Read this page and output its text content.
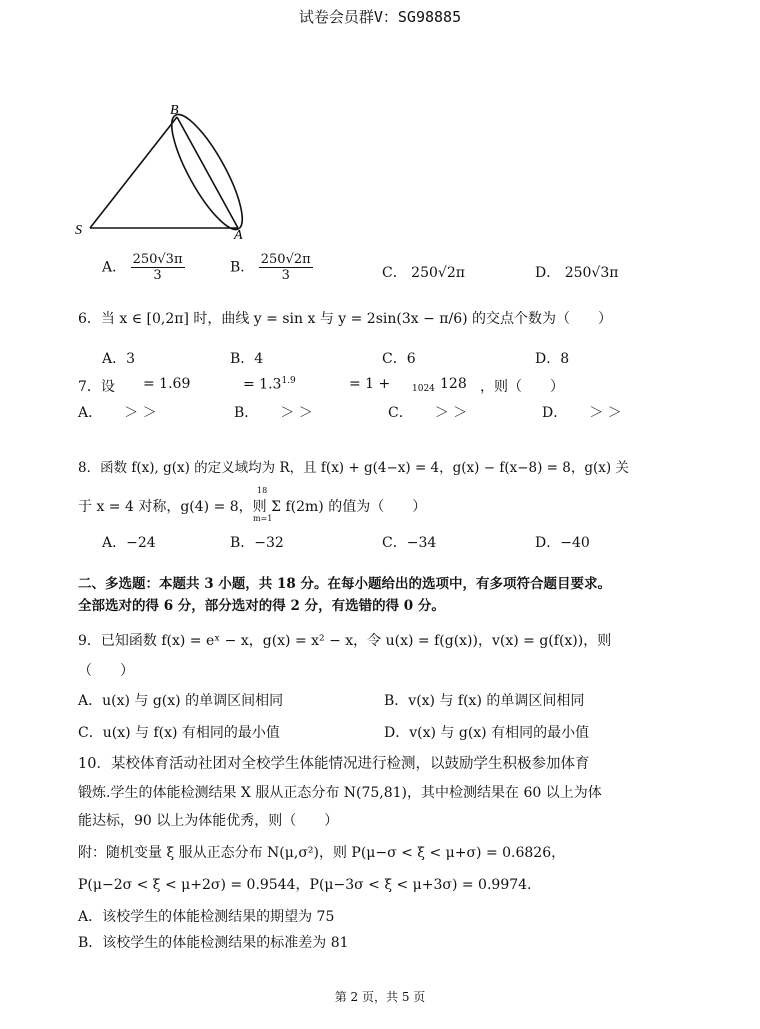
试卷会员群V：SG98885
B
S	A
A． $\frac{250√3\pi}{3}$	B． $\frac{250√2\pi}{3}$	C． 250√2π	D． 250√3π
6．当 x ∈ [0,2π] 时，曲线 y = sin x 与 y = 2sin(3x − π/6) 的交点个数为（　　）
A．3	B．4	C．6	D．8
7．设 = 1.69	= $1.3^{1.9}$	= 1 + 1024 128 ，则（　　）
A． ＞ ＞	B． ＞ ＞	C． ＞ ＞	D． ＞ ＞
8．函数 f(x), g(x) 的定义域均为 R，且 f(x) + g(4−x) = 4，g(x) − f(x−8) = 8，g(x) 关
18
m=1
于 x = 4 对称，g(4) = 8，则 Σ f(2m) 的值为（　　）
A．−24	B．−32	C．−34	D．−40
二、多选题：本题共 3 小题，共 18 分。在每小题给出的选项中，有多项符合题目要求。
全部选对的得 6 分，部分选对的得 2 分，有选错的得 0 分。
9．已知函数 f(x) = eˣ − x，g(x) = x² − x，令 u(x) = f(g(x))，v(x) = g(f(x))，则
（　　）
A．u(x) 与 g(x) 的单调区间相同	B．v(x) 与 f(x) 的单调区间相同
C．u(x) 与 f(x) 有相同的最小值	D．v(x) 与 g(x) 有相同的最小值
10．某校体育活动社团对全校学生体能情况进行检测，以鼓励学生积极参加体育
锻炼.学生的体能检测结果 X 服从正态分布 N(75,81)，其中检测结果在 60 以上为体
能达标，90 以上为体能优秀，则（　　）
附：随机变量 ξ 服从正态分布 N(μ,σ²)，则 P(μ−σ < ξ < μ+σ) = 0.6826，
P(μ−2σ < ξ < μ+2σ) = 0.9544，P(μ−3σ < ξ < μ+3σ) = 0.9974.
A．该校学生的体能检测结果的期望为 75
B．该校学生的体能检测结果的标准差为 81
第 2 页，共 5 页
